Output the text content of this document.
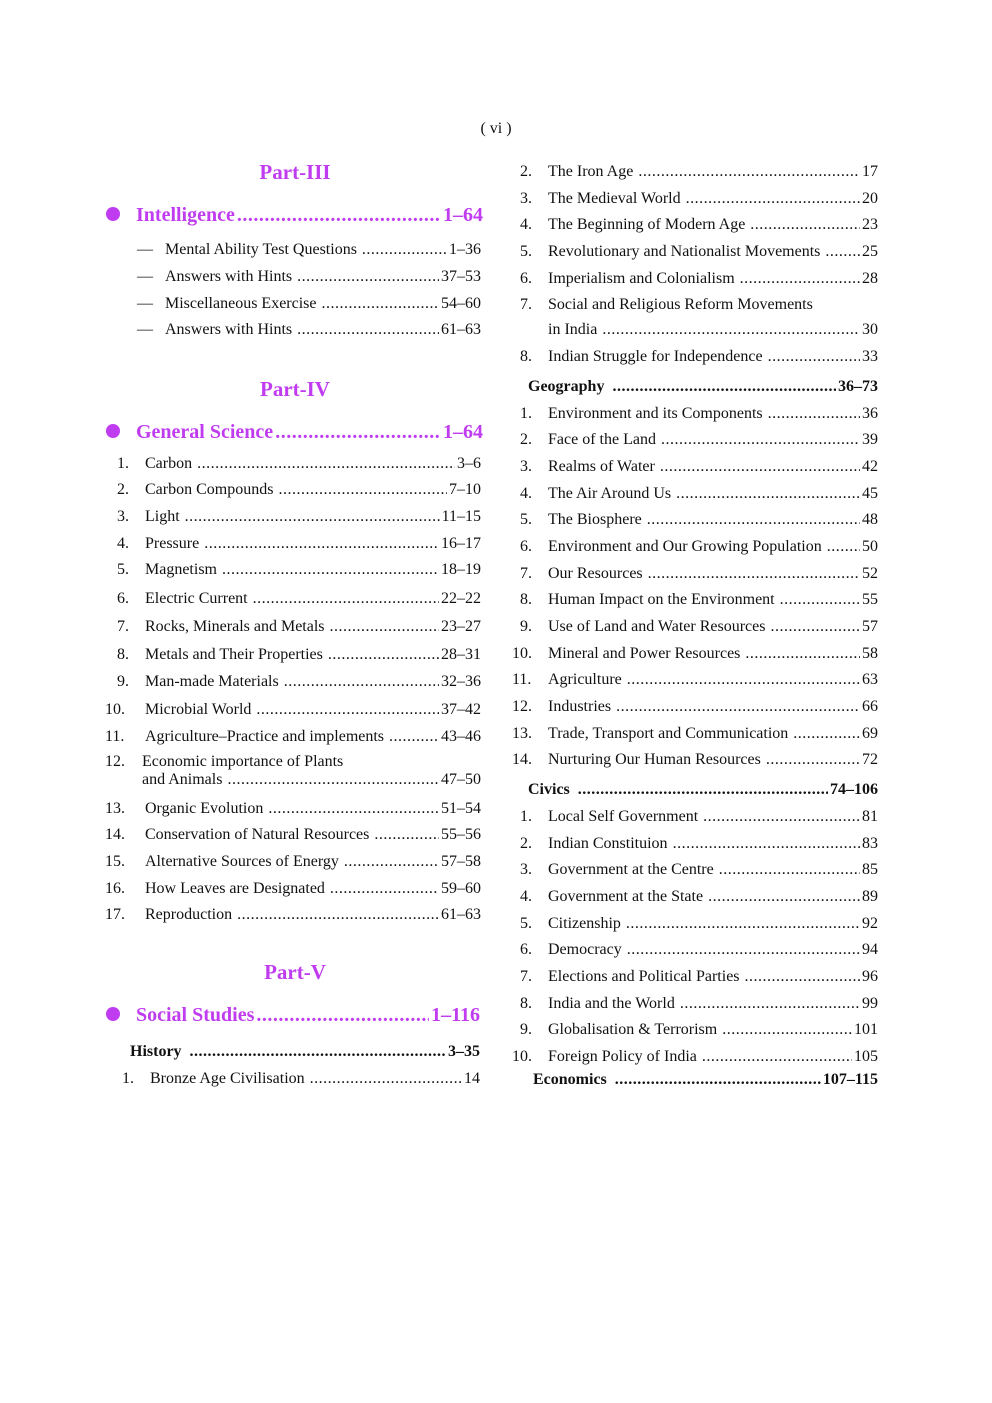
( vi )
Part-III
Intelligence .....	1–64
— Mental Ability Test Questions .....	1–36
— Answers with Hints .....	37–53
— Miscellaneous Exercise .....	54–60
— Answers with Hints .....	61–63
Part-IV
General Science .....	1–64
1. Carbon .....	3–6
2. Carbon Compounds .....	7–10
3. Light .....	11–15
4. Pressure .....	16–17
5. Magnetism .....	18–19
6. Electric Current .....	22–22
7. Rocks, Minerals and Metals .....	23–27
8. Metals and Their Properties .....	28–31
9. Man-made Materials .....	32–36
10. Microbial World .....	37–42
11. Agriculture–Practice and implements .....	43–46
12. Economic importance of Plants
and Animals .....	47–50
13. Organic Evolution .....	51–54
14. Conservation of Natural Resources .....	55–56
15. Alternative Sources of Energy .....	57–58
16. How Leaves are Designated .....	59–60
17. Reproduction .....	61–63
Part-V
Social Studies .....	1–116
History .....	3–35
1. Bronze Age Civilisation .....	14
2. The Iron Age .....	17
3. The Medieval World .....	20
4. The Beginning of Modern Age .....	23
5. Revolutionary and Nationalist Movements .....	25
6. Imperialism and Colonialism .....	28
7. Social and Religious Reform Movements
in India .....	30
8. Indian Struggle for Independence .....	33
Geography .....	36–73
1. Environment and its Components .....	36
2. Face of the Land .....	39
3. Realms of Water .....	42
4. The Air Around Us .....	45
5. The Biosphere .....	48
6. Environment and Our Growing Population .....	50
7. Our Resources .....	52
8. Human Impact on the Environment .....	55
9. Use of Land and Water Resources .....	57
10. Mineral and Power Resources .....	58
11. Agriculture .....	63
12. Industries .....	66
13. Trade, Transport and Communication .....	69
14. Nurturing Our Human Resources .....	72
Civics .....	74–106
1. Local Self Government .....	81
2. Indian Constituion .....	83
3. Government at the Centre .....	85
4. Government at the State .....	89
5. Citizenship .....	92
6. Democracy .....	94
7. Elections and Political Parties .....	96
8. India and the World .....	99
9. Globalisation & Terrorism .....	101
10. Foreign Policy of India .....	105
Economics .....	107–115
